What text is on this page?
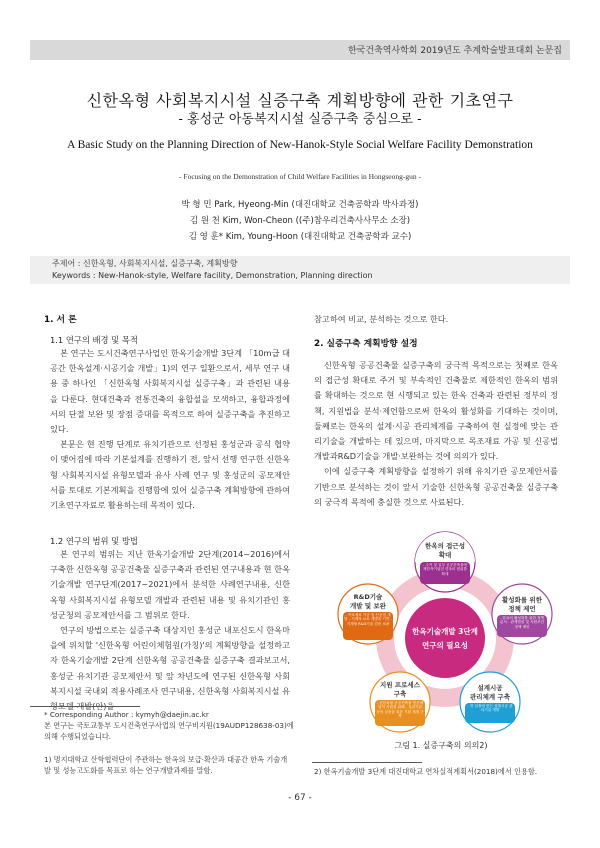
한국건축역사학회 2019년도 추계학술발표대회 논문집
신한옥형 사회복지시설 실증구축 계획방향에 관한 기초연구
- 홍성군 아동복지시설 실증구축 중심으로 -
A Basic Study on the Planning Direction of New-Hanok-Style Social Welfare Facility Demonstration
- Focusing on the Demonstration of Child Welfare Facilities in Hongseong-gun -
박 형 민 Park, Hyeong-Min (대진대학교 건축공학과 박사과정)
김 원 천 Kim, Won-Cheon ((주)참우리건축사사무소 소장)
김 영 훈* Kim, Young-Hoon (대진대학교 건축공학과 교수)
주제어 : 신한옥형, 사회복지시설, 실증구축, 계획방향
Keywords : New-Hanok-style, Welfare facility, Demonstration, Planning direction
1. 서 론
1.1 연구의 배경 및 목적

본 연구는 도시건축연구사업인 한옥기술개발 3단계 「10m급 대공간 한옥설계·시공기술 개발」1)의 연구 일환으로서, 세부 연구 내용 중 하나인 「신한옥형 사회복지시설 실증구축」과 관련된 내용을 다룬다. 현대건축과 전통건축의 융합설을 모색하고, 융합과정에서의 단절 보완 및 장점 증대를 목적으로 하여 실증구축을 추진하고 있다.

본문은 현 진행 단계로 유치기관으로 선정된 홍성군과 공식 협약이 맺어짐에 따라 기본설계를 진행하기 전, 앞서 선행 연구한 신한옥형 사회복지시설 유형모델과 유사 사례 연구 및 홍성군의 공모제안서를 토대로 기본계획을 진행함에 있어 실증구축 계획방향에 관하여 기초연구자료로 활용하는데 목적이 있다.

1.2 연구의 범위 및 방법

본 연구의 범위는 지난 한옥기술개발 2단계(2014~2016)에서 구축한 신한옥형 공공건축물 실증구축과 관련된 연구내용과 현 한옥기술개발 연구단계(2017~2021)에서 분석한 사례연구내용, 신한옥형 사회복지시설 유형모델 개발과 관련된 내용 및 유치기관인 홍성군청의 공모제안서를 그 범위로 한다.

연구의 방법으로는 실증구축 대상지인 홍성군 내포신도시 한옥마을에 위치할 '신한옥형 어린이체험원(가칭)'의 계획방향을 설정하고자 한옥기술개발 2단계 신한옥형 공공건축물 실증구축 결과보고서, 홍성군 유치기관 공모제안서 및 앞 차년도에 연구된 신한옥형 사회복지시설 국내외 적용사례조사 연구내용, 신한옥형 사회복지시설 유형모델 개발(안)을

* Corresponding Author : kymyh@daejin.ac.kr
본 연구는 국토교통부 도시건축연구사업의 연구비지원(19AUDP128638-03)에 의해 수행되었습니다.
1) 명지대학교 산학협력단이 주관하는 한옥의 보급·확산과 대공간 한옥 기술개발 및 성능고도화를 목표로 하는 연구개발과제를 말함.

참고하여 비교, 분석하는 것으로 한다.

2. 실증구축 계획방향 설정

신한옥형 공공건축물 실증구축의 궁극적 목적으로는 첫째로 한옥의 접근성 확대로 주거 및 부속적인 건축물로 제한적인 한옥의 범위를 확대하는 것으로 현 시행되고 있는 한옥 건축과 관련된 정부의 정책, 지원법을 분석·제언함으로써 한옥의 활성화를 기대하는 것이며, 둘째로는 한옥의 설계·시공 관리체계를 구축하여 현 실정에 맞는 관리기술을 개발하는 데 있으며, 마지막으로 목조재료 가공 및 신공법 개발과R&D기술을 개발·보완하는 것에 의의가 있다.

이에 실증구축 계획방향을 설정하기 위해 유치기관 공모제안서를 기반으로 분석하는 것이 앞서 기술한 신한옥형 공공건축물 실증구축의 궁극적 목적에 충실한 것으로 사료된다.

한옥기술개발 3단계
연구의 필요성
한옥의 접근성
확대
- 주거 및 일부 공공건축물에 제한적이었던 한옥의 범위를 확대
활성화를 위한
정책 제언
- 한옥의 활성화를 위한 정책 분석 - 관계법령 및 지원조건 정책 제언
설계시공
관리체계 구축
- 현 실정에 맞는 설계시공 관리기술 개발
지원 프로세스
구축
- 신한옥형 공공건축물 민간에 넘어 지원을 위해 - 유관기관 등의 실증을 위한 지원 체계 구축
R&D기술
개발 및 보완
- 목조재료 가공 및 신공법 개발 - 기계적 요소 개발을 기반 - 기계형 R&D기술 검증 보완
그림 1. 실증구축의 의의2)
2) 한옥기술개발 3단계 대진대학교 연차실적계획서(2018)에서 인용함.
- 67 -
